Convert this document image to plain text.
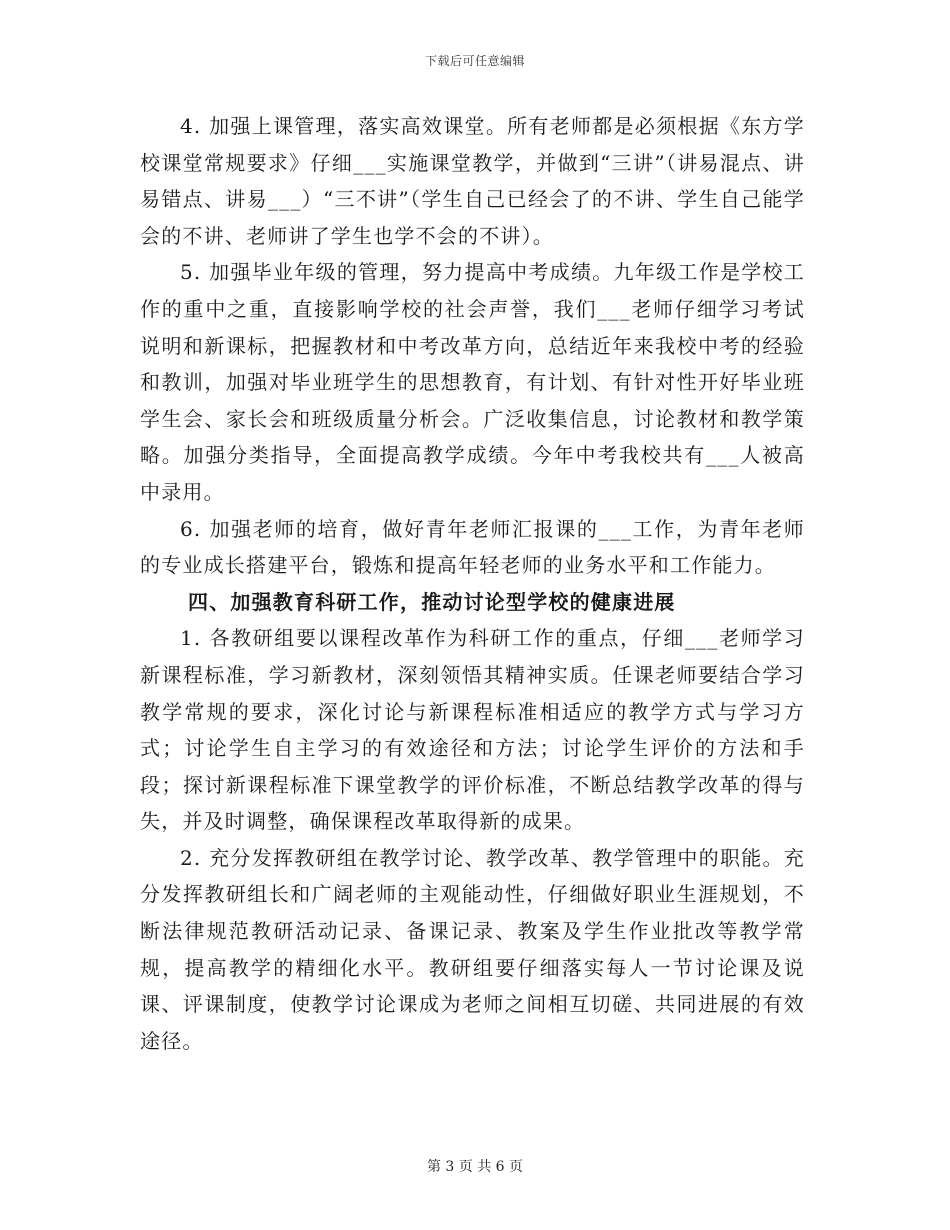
下载后可任意编辑

4. 加强上课管理，落实高效课堂。所有老师都是必须根据《东方学校课堂常规要求》仔细___实施课堂教学，并做到“三讲”（讲易混点、讲易错点、讲易___）“三不讲”（学生自己已经会了的不讲、学生自己能学会的不讲、老师讲了学生也学不会的不讲）。

5. 加强毕业年级的管理，努力提高中考成绩。九年级工作是学校工作的重中之重，直接影响学校的社会声誉，我们___老师仔细学习考试说明和新课标，把握教材和中考改革方向，总结近年来我校中考的经验和教训，加强对毕业班学生的思想教育，有计划、有针对性开好毕业班学生会、家长会和班级质量分析会。广泛收集信息，讨论教材和教学策略。加强分类指导，全面提高教学成绩。今年中考我校共有___人被高中录用。

6. 加强老师的培育，做好青年老师汇报课的___工作，为青年老师的专业成长搭建平台，锻炼和提高年轻老师的业务水平和工作能力。

四、加强教育科研工作，推动讨论型学校的健康进展

1. 各教研组要以课程改革作为科研工作的重点，仔细___老师学习新课程标准，学习新教材，深刻领悟其精神实质。任课老师要结合学习教学常规的要求，深化讨论与新课程标准相适应的教学方式与学习方式；讨论学生自主学习的有效途径和方法；讨论学生评价的方法和手段；探讨新课程标准下课堂教学的评价标准，不断总结教学改革的得与失，并及时调整，确保课程改革取得新的成果。

2. 充分发挥教研组在教学讨论、教学改革、教学管理中的职能。充分发挥教研组长和广阔老师的主观能动性，仔细做好职业生涯规划，不断法律规范教研活动记录、备课记录、教案及学生作业批改等教学常规，提高教学的精细化水平。教研组要仔细落实每人一节讨论课及说课、评课制度，使教学讨论课成为老师之间相互切磋、共同进展的有效途径。

第 3 页 共 6 页
